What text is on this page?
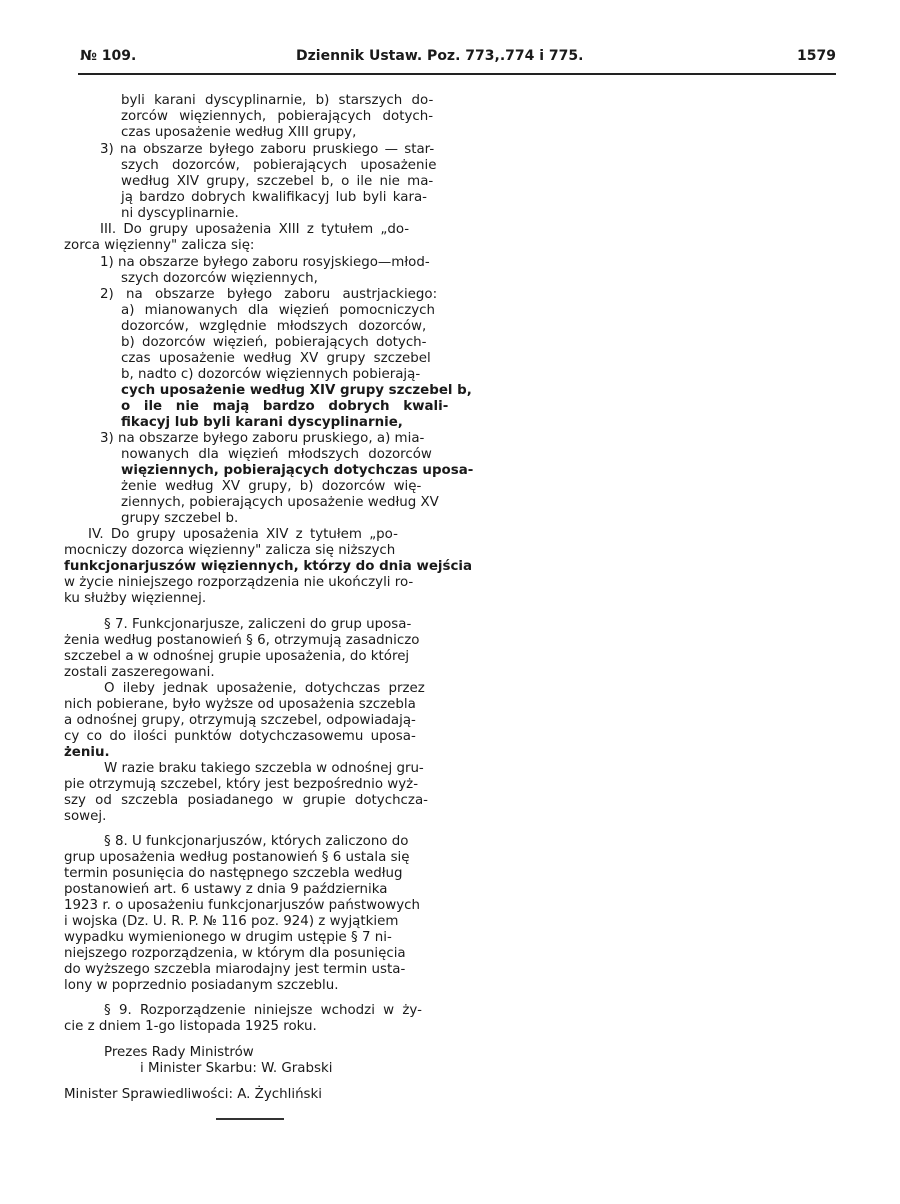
№ 109.	Dziennik Ustaw. Poz. 773,.774 i 775.	1579
byli karani dyscyplinarnie, b) starszych do-
zorców więziennych, pobierających dotych-
czas uposażenie według XIII grupy,
3) na obszarze byłego zaboru pruskiego — star-
szych dozorców, pobierających uposażenie
według XIV grupy, szczebel b, o ile nie ma-
ją bardzo dobrych kwalifikacyj lub byli kara-
ni dyscyplinarnie.
III. Do grupy uposażenia XIII z tytułem „do-
zorca więzienny" zalicza się:
1) na obszarze byłego zaboru rosyjskiego—młod-
szych dozorców więziennych,
2) na obszarze byłego zaboru austrjackiego:
a) mianowanych dla więzień pomocniczych
dozorców, względnie młodszych dozorców,
b) dozorców więzień, pobierających dotych-
czas uposażenie według XV grupy szczebel
b, nadto c) dozorców więziennych pobierają-
cych uposażenie według XIV grupy szczebel b,
o ile nie mają bardzo dobrych kwali-
fikacyj lub byli karani dyscyplinarnie,
3) na obszarze byłego zaboru pruskiego, a) mia-
nowanych dla więzień młodszych dozorców
więziennych, pobierających dotychczas uposa-
żenie według XV grupy, b) dozorców wię-
ziennych, pobierających uposażenie według XV
grupy szczebel b.
IV. Do grupy uposażenia XIV z tytułem „po-
mocniczy dozorca więzienny" zalicza się niższych
funkcjonarjuszów więziennych, którzy do dnia wejścia
w życie niniejszego rozporządzenia nie ukończyli ro-
ku służby więziennej.
§ 7. Funkcjonarjusze, zaliczeni do grup uposa-
żenia według postanowień § 6, otrzymują zasadniczo
szczebel a w odnośnej grupie uposażenia, do której
zostali zaszeregowani.
O ileby jednak uposażenie, dotychczas przez
nich pobierane, było wyższe od uposażenia szczebla
a odnośnej grupy, otrzymują szczebel, odpowiadają-
cy co do ilości punktów dotychczasowemu uposa-
żeniu.
W razie braku takiego szczebla w odnośnej gru-
pie otrzymują szczebel, który jest bezpośrednio wyż-
szy od szczebla posiadanego w grupie dotychcza-
sowej.
§ 8. U funkcjonarjuszów, których zaliczono do
grup uposażenia według postanowień § 6 ustala się
termin posunięcia do następnego szczebla według
postanowień art. 6 ustawy z dnia 9 października
1923 r. o uposażeniu funkcjonarjuszów państwowych
i wojska (Dz. U. R. P. № 116 poz. 924) z wyjątkiem
wypadku wymienionego w drugim ustępie § 7 ni-
niejszego rozporządzenia, w którym dla posunięcia
do wyższego szczebla miarodajny jest termin usta-
lony w poprzednio posiadanym szczeblu.
§ 9. Rozporządzenie niniejsze wchodzi w ży-
cie z dniem 1-go listopada 1925 roku.
Prezes Rady Ministrów
i Minister Skarbu: W. Grabski
Minister Sprawiedliwości: A. Żychliński
